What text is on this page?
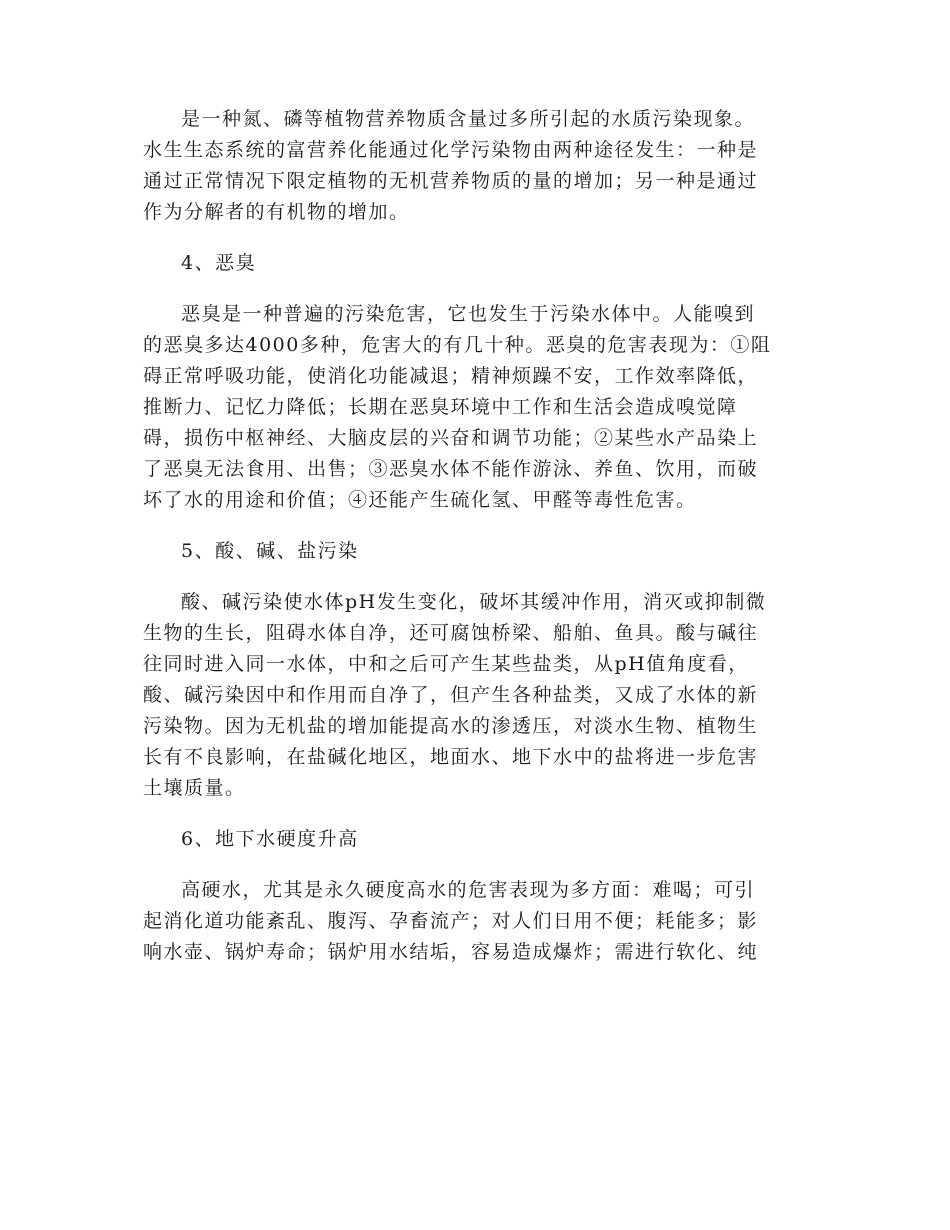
是一种氮、磷等植物营养物质含量过多所引起的水质污染现象。
水生生态系统的富营养化能通过化学污染物由两种途径发生：一种是
通过正常情况下限定植物的无机营养物质的量的增加；另一种是通过
作为分解者的有机物的增加。
4、恶臭
恶臭是一种普遍的污染危害，它也发生于污染水体中。人能嗅到
的恶臭多达4000多种，危害大的有几十种。恶臭的危害表现为：①阻
碍正常呼吸功能，使消化功能减退；精神烦躁不安，工作效率降低，
推断力、记忆力降低；长期在恶臭环境中工作和生活会造成嗅觉障
碍，损伤中枢神经、大脑皮层的兴奋和调节功能；②某些水产品染上
了恶臭无法食用、出售；③恶臭水体不能作游泳、养鱼、饮用，而破
坏了水的用途和价值；④还能产生硫化氢、甲醛等毒性危害。
5、酸、碱、盐污染
酸、碱污染使水体pH发生变化，破坏其缓冲作用，消灭或抑制微
生物的生长，阻碍水体自净，还可腐蚀桥梁、船舶、鱼具。酸与碱往
往同时进入同一水体，中和之后可产生某些盐类，从pH值角度看，
酸、碱污染因中和作用而自净了，但产生各种盐类，又成了水体的新
污染物。因为无机盐的增加能提高水的渗透压，对淡水生物、植物生
长有不良影响，在盐碱化地区，地面水、地下水中的盐将进一步危害
土壤质量。
6、地下水硬度升高
高硬水，尤其是永久硬度高水的危害表现为多方面：难喝；可引
起消化道功能紊乱、腹泻、孕畜流产；对人们日用不便；耗能多；影
响水壶、锅炉寿命；锅炉用水结垢，容易造成爆炸；需进行软化、纯
